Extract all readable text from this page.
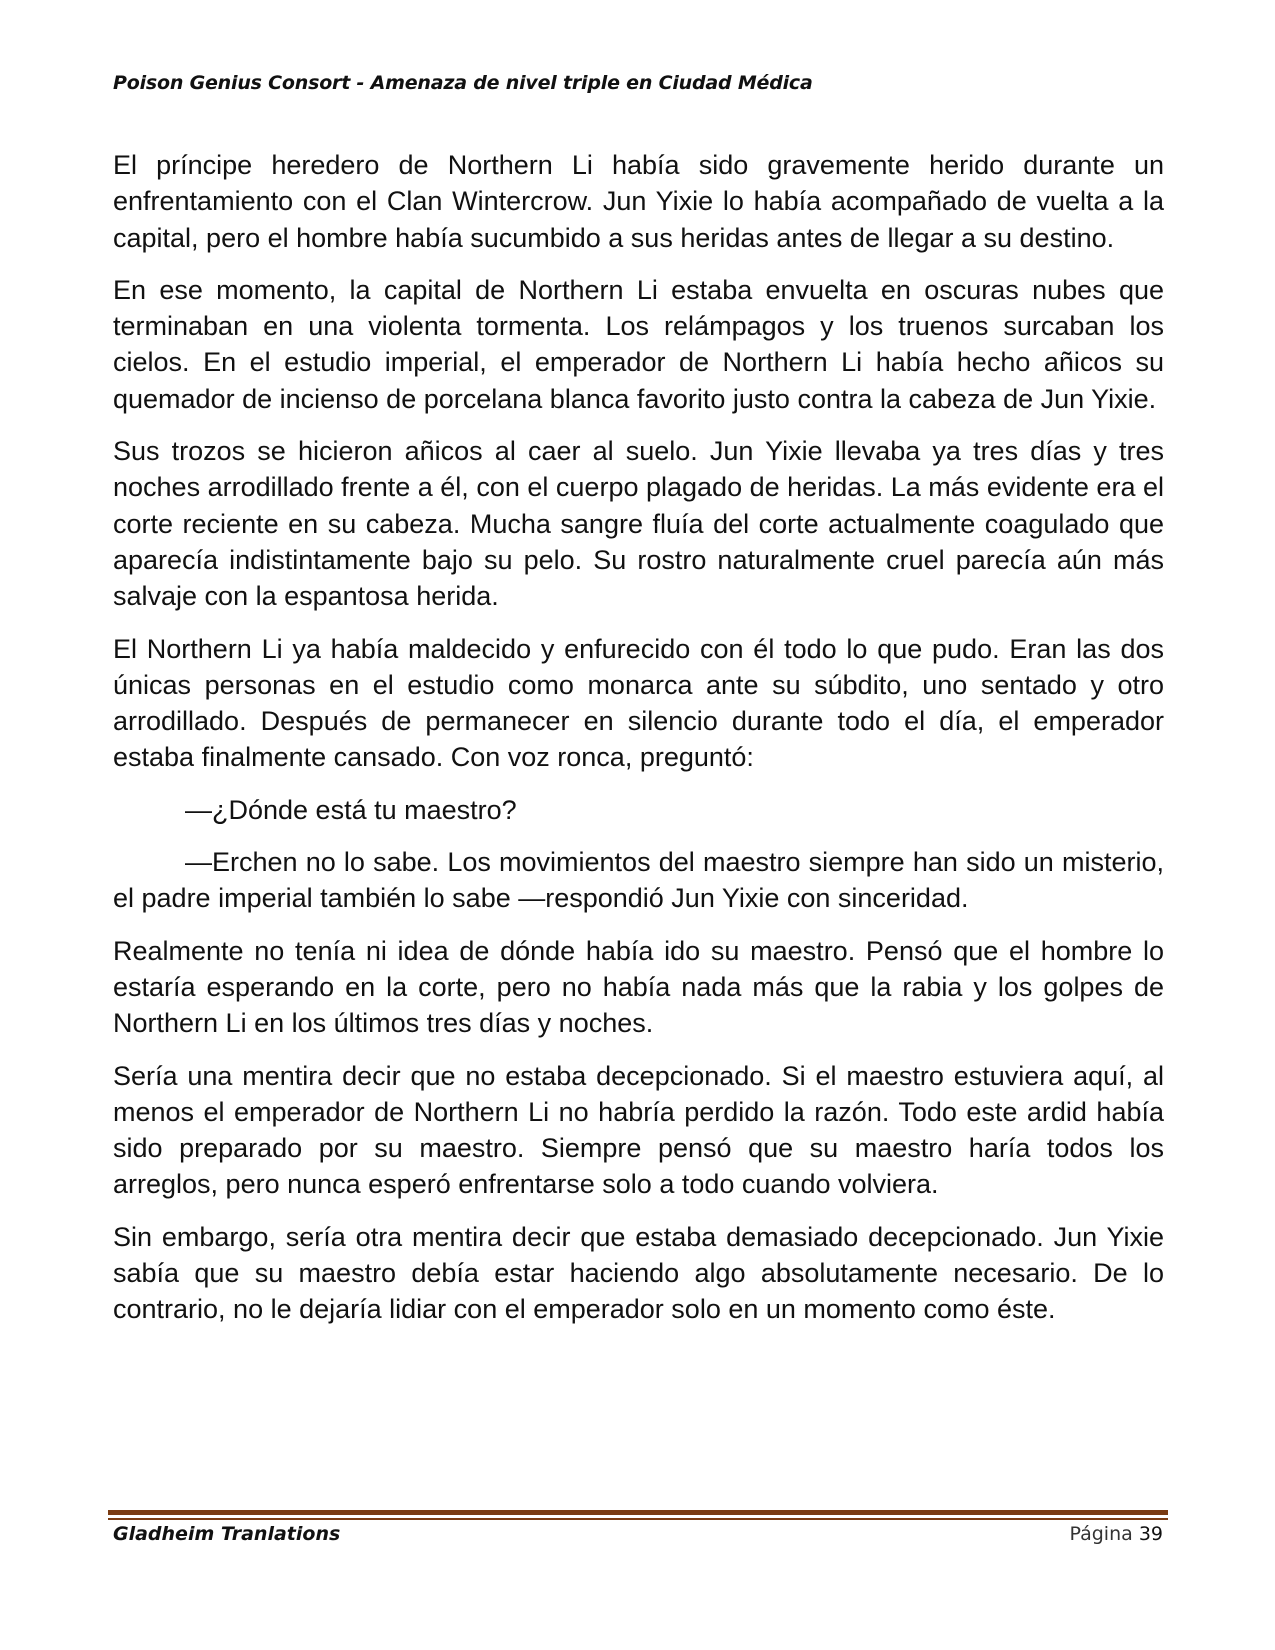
Poison Genius Consort - Amenaza de nivel triple en Ciudad Médica

El príncipe heredero de Northern Li había sido gravemente herido durante un enfrentamiento con el Clan Wintercrow. Jun Yixie lo había acompañado de vuelta a la capital, pero el hombre había sucumbido a sus heridas antes de llegar a su destino.

En ese momento, la capital de Northern Li estaba envuelta en oscuras nubes que terminaban en una violenta tormenta. Los relámpagos y los truenos surcaban los cielos. En el estudio imperial, el emperador de Northern Li había hecho añicos su quemador de incienso de porcelana blanca favorito justo contra la cabeza de Jun Yixie.

Sus trozos se hicieron añicos al caer al suelo. Jun Yixie llevaba ya tres días y tres noches arrodillado frente a él, con el cuerpo plagado de heridas. La más evidente era el corte reciente en su cabeza. Mucha sangre fluía del corte actualmente coagulado que aparecía indistintamente bajo su pelo. Su rostro naturalmente cruel parecía aún más salvaje con la espantosa herida.

El Northern Li ya había maldecido y enfurecido con él todo lo que pudo. Eran las dos únicas personas en el estudio como monarca ante su súbdito, uno sentado y otro arrodillado. Después de permanecer en silencio durante todo el día, el emperador estaba finalmente cansado. Con voz ronca, preguntó:

—¿Dónde está tu maestro?

—Erchen no lo sabe. Los movimientos del maestro siempre han sido un misterio, el padre imperial también lo sabe —respondió Jun Yixie con sinceridad.

Realmente no tenía ni idea de dónde había ido su maestro. Pensó que el hombre lo estaría esperando en la corte, pero no había nada más que la rabia y los golpes de Northern Li en los últimos tres días y noches.

Sería una mentira decir que no estaba decepcionado. Si el maestro estuviera aquí, al menos el emperador de Northern Li no habría perdido la razón. Todo este ardid había sido preparado por su maestro. Siempre pensó que su maestro haría todos los arreglos, pero nunca esperó enfrentarse solo a todo cuando volviera.

Sin embargo, sería otra mentira decir que estaba demasiado decepcionado. Jun Yixie sabía que su maestro debía estar haciendo algo absolutamente necesario. De lo contrario, no le dejaría lidiar con el emperador solo en un momento como éste.

Gladheim Tranlations	Página 39
